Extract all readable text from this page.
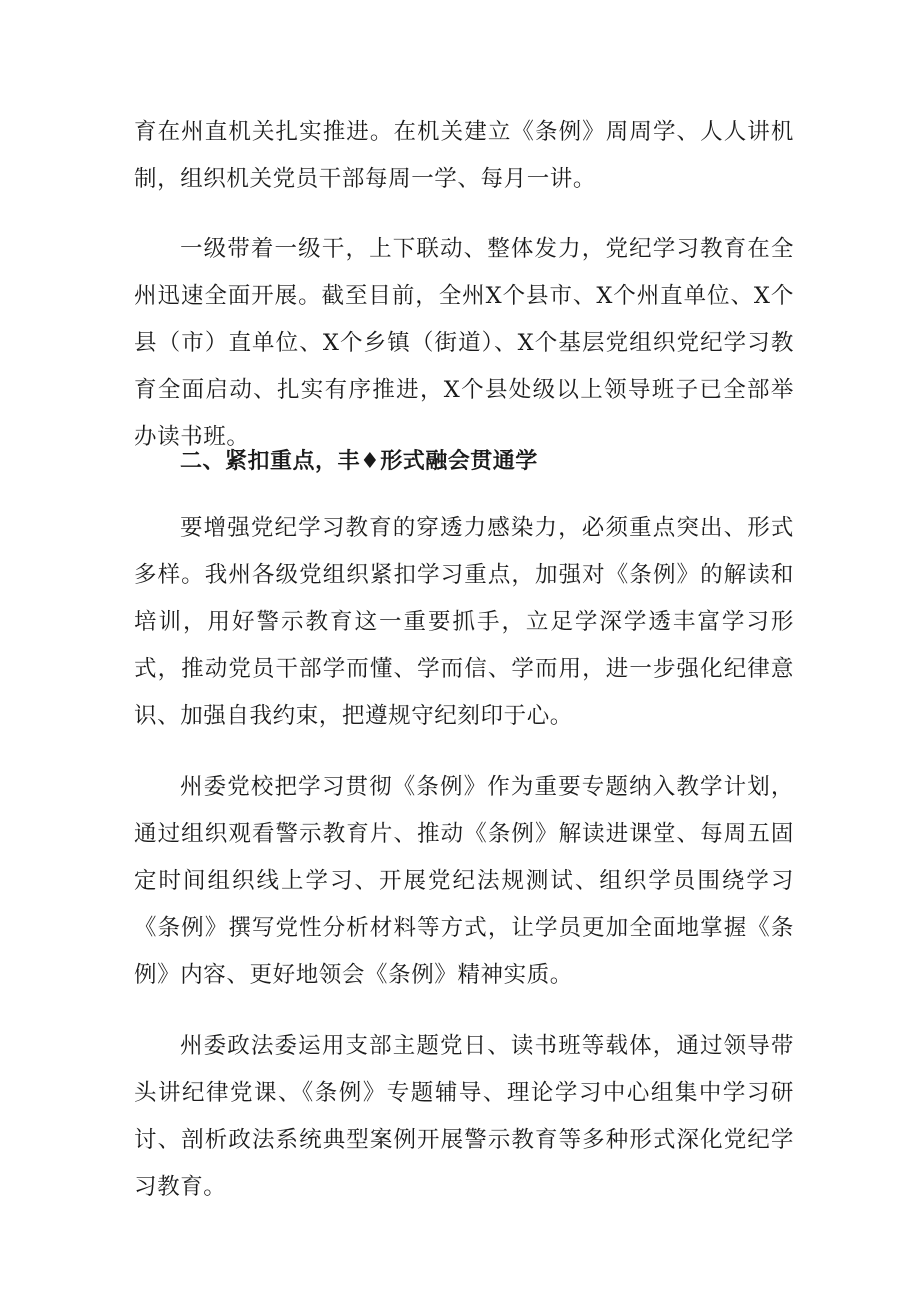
育在州直机关扎实推进。在机关建立《条例》周周学、人人讲机制，组织机关党员干部每周一学、每月一讲。

一级带着一级干，上下联动、整体发力，党纪学习教育在全州迅速全面开展。截至目前，全州X个县市、X个州直单位、X个县（市）直单位、X个乡镇（街道）、X个基层党组织党纪学习教育全面启动、扎实有序推进，X个县处级以上领导班子已全部举办读书班。

二、紧扣重点，丰♦形式融会贯通学

要增强党纪学习教育的穿透力感染力，必须重点突出、形式多样。我州各级党组织紧扣学习重点，加强对《条例》的解读和培训，用好警示教育这一重要抓手，立足学深学透丰富学习形式，推动党员干部学而懂、学而信、学而用，进一步强化纪律意识、加强自我约束，把遵规守纪刻印于心。

州委党校把学习贯彻《条例》作为重要专题纳入教学计划，通过组织观看警示教育片、推动《条例》解读进课堂、每周五固定时间组织线上学习、开展党纪法规测试、组织学员围绕学习《条例》撰写党性分析材料等方式，让学员更加全面地掌握《条例》内容、更好地领会《条例》精神实质。

州委政法委运用支部主题党日、读书班等载体，通过领导带头讲纪律党课、《条例》专题辅导、理论学习中心组集中学习研讨、剖析政法系统典型案例开展警示教育等多种形式深化党纪学习教育。
